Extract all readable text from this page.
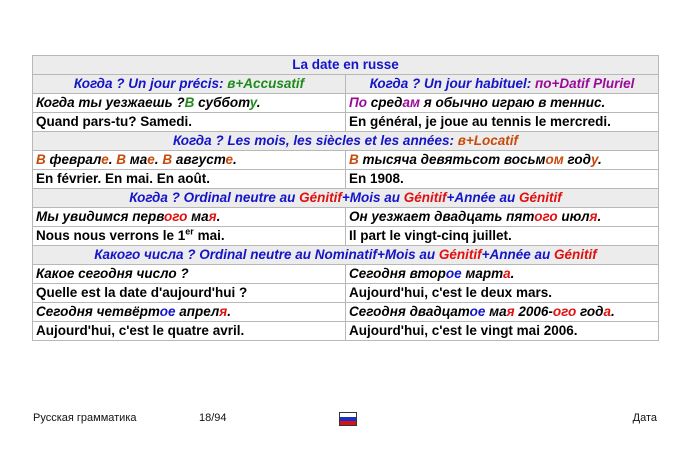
La date en russe	
Когда ? Un jour précis: в+Accusatif	Когда ? Un jour habituel: по+Datif Pluriel
Когда ты уезжаешь ?В субботу.	По средам я обычно играю в теннис.
Quand pars-tu? Samedi.	En général, je joue au tennis le mercredi.
Когда ? Les mois, les siècles et les années: в+Locatif	
В феврале. В мае. В августе.	В тысяча девятьсот восьмом году.
En février. En mai. En août.	En 1908.
Когда ? Ordinal neutre au Génitif+Mois au Génitif+Année au Génitif	
Мы увидимся первого мая.	Он уезжает двадцать пятого июля.
Nous nous verrons le 1er mai.	Il part le vingt-cinq juillet.
Какого числа ? Ordinal neutre au Nominatif+Mois au Génitif+Année au Génitif	
Какое сегодня число ?	Сегодня второе марта.
Quelle est la date d'aujourd'hui ?	Aujourd'hui, c'est le deux mars.
Сегодня четвёртое апреля.	Сегодня двадцатое мая 2006-ого года.
Aujourd'hui, c'est le quatre avril.	Aujourd'hui, c'est le vingt mai 2006.
Русская грамматика	18/94	Дата
